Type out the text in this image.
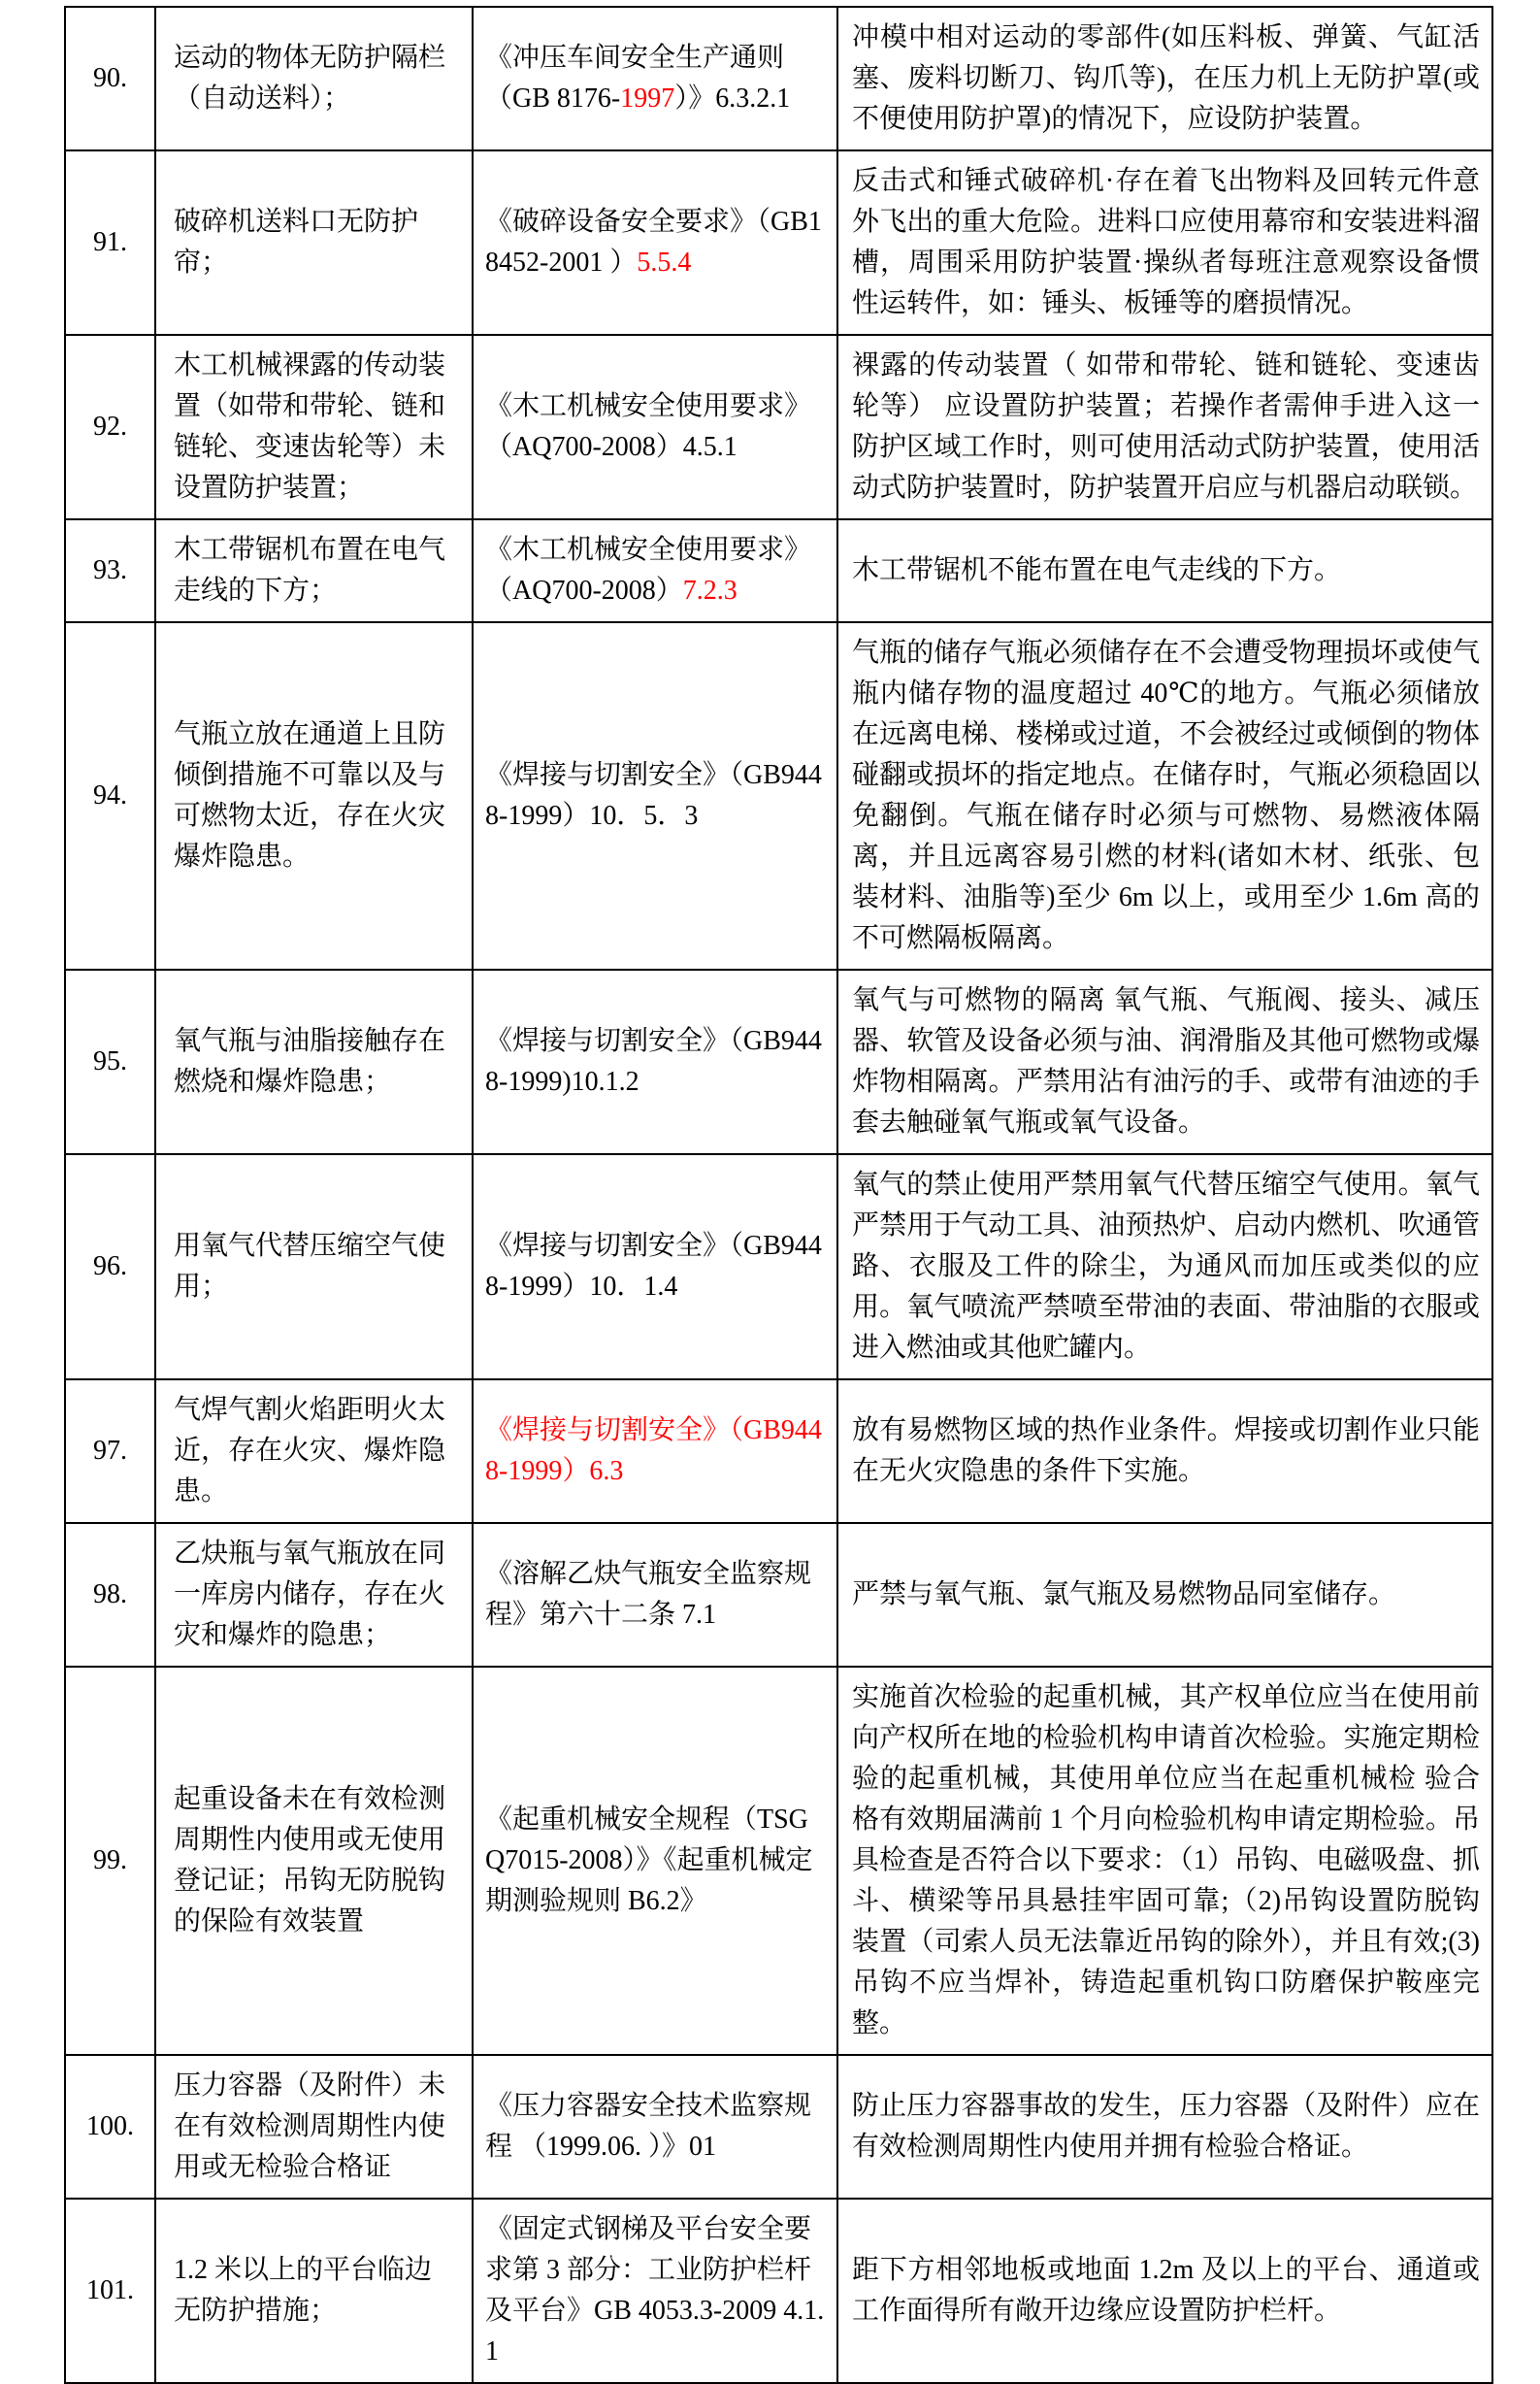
90.	运动的物体无防护隔栏（自动送料）；	《冲压车间安全生产通则（GB 8176-1997）》6.3.2.1	冲模中相对运动的零部件(如压料板、弹簧、气缸活塞、废料切断刀、钩爪等)，在压力机上无防护罩(或不便使用防护罩)的情况下，应设防护装置。
91.	破碎机送料口无防护帘；	《破碎设备安全要求》（GB18452-2001 ）5.5.4	反击式和锤式破碎机·存在着飞出物料及回转元件意外飞出的重大危险。进料口应使用幕帘和安装进料溜槽，周围采用防护装置·操纵者每班注意观察设备惯性运转件，如：锤头、板锤等的磨损情况。
92.	木工机械裸露的传动装置（如带和带轮、链和链轮、变速齿轮等）未设置防护装置；	《木工机械安全使用要求》（AQ700-2008）4.5.1	裸露的传动装置（ 如带和带轮、链和链轮、变速齿轮等） 应设置防护装置；若操作者需伸手进入这一防护区域工作时，则可使用活动式防护装置，使用活动式防护装置时，防护装置开启应与机器启动联锁。
93.	木工带锯机布置在电气走线的下方；	《木工机械安全使用要求》（AQ700-2008）7.2.3	木工带锯机不能布置在电气走线的下方。
94.	气瓶立放在通道上且防倾倒措施不可靠以及与可燃物太近，存在火灾爆炸隐患。	《焊接与切割安全》（GB9448-1999）10．5．3	气瓶的储存气瓶必须储存在不会遭受物理损坏或使气瓶内储存物的温度超过 40℃的地方。气瓶必须储放在远离电梯、楼梯或过道，不会被经过或倾倒的物体碰翻或损坏的指定地点。在储存时，气瓶必须稳固以免翻倒。气瓶在储存时必须与可燃物、易燃液体隔离，并且远离容易引燃的材料(诸如木材、纸张、包装材料、油脂等)至少 6m 以上，或用至少 1.6m 高的不可燃隔板隔离。
95.	氧气瓶与油脂接触存在燃烧和爆炸隐患；	《焊接与切割安全》（GB9448-1999)10.1.2	氧气与可燃物的隔离 氧气瓶、气瓶阀、接头、减压器、软管及设备必须与油、润滑脂及其他可燃物或爆炸物相隔离。严禁用沾有油污的手、或带有油迹的手套去触碰氧气瓶或氧气设备。
96.	用氧气代替压缩空气使用；	《焊接与切割安全》（GB9448-1999）10．1.4	氧气的禁止使用严禁用氧气代替压缩空气使用。氧气严禁用于气动工具、油预热炉、启动内燃机、吹通管路、衣服及工件的除尘，为通风而加压或类似的应用。氧气喷流严禁喷至带油的表面、带油脂的衣服或进入燃油或其他贮罐内。
97.	气焊气割火焰距明火太近，存在火灾、爆炸隐患。	《焊接与切割安全》（GB9448-1999）6.3	放有易燃物区域的热作业条件。焊接或切割作业只能在无火灾隐患的条件下实施。
98.	乙炔瓶与氧气瓶放在同一库房内储存，存在火灾和爆炸的隐患；	《溶解乙炔气瓶安全监察规程》第六十二条 7.1	严禁与氧气瓶、氯气瓶及易燃物品同室储存。
99.	起重设备未在有效检测周期性内使用或无使用登记证；吊钩无防脱钩的保险有效装置	《起重机械安全规程（TSGQ7015-2008）》《起重机械定期测验规则 B6.2》	实施首次检验的起重机械，其产权单位应当在使用前向产权所在地的检验机构申请首次检验。实施定期检验的起重机械，其使用单位应当在起重机械检 验合格有效期届满前 1 个月向检验机构申请定期检验。吊具检查是否符合以下要求：（1）吊钩、电磁吸盘、抓斗、横梁等吊具悬挂牢固可靠;（2)吊钩设置防脱钩装置（司索人员无法靠近吊钩的除外），并且有效;(3)吊钩不应当焊补，铸造起重机钩口防磨保护鞍座完整。
100.	压力容器（及附件）未在有效检测周期性内使用或无检验合格证	《压力容器安全技术监察规程 （1999.06. ）》01	防止压力容器事故的发生，压力容器（及附件）应在有效检测周期性内使用并拥有检验合格证。
101.	1.2 米以上的平台临边无防护措施；	《固定式钢梯及平台安全要求第 3 部分：工业防护栏杆及平台》GB 4053.3-2009 4.1.1	距下方相邻地板或地面 1.2m 及以上的平台、通道或工作面得所有敞开边缘应设置防护栏杆。
